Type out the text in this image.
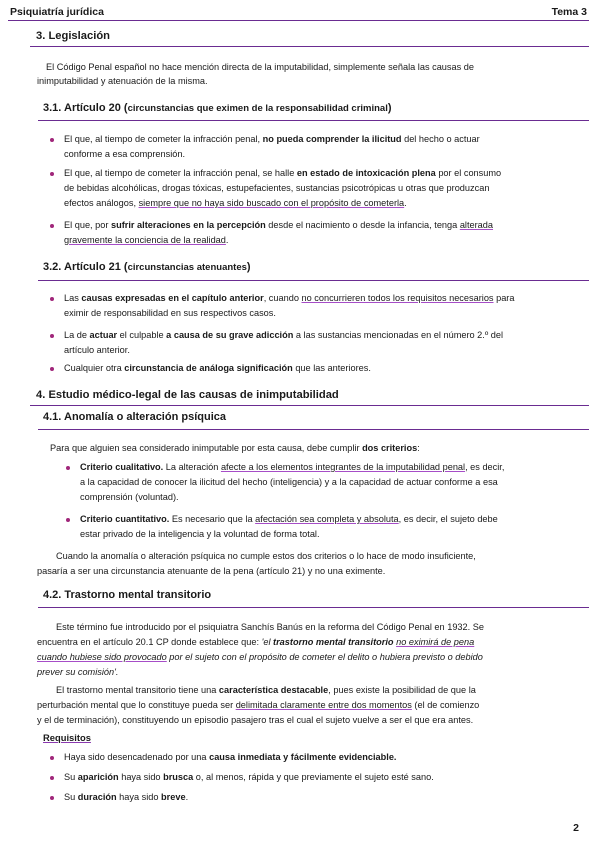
Psiquiatría jurídica	Tema 3
3. Legislación
El Código Penal español no hace mención directa de la imputabilidad, simplemente señala las causas de
inimputabilidad y atenuación de la misma.
3.1. Artículo 20 (circunstancias que eximen de la responsabilidad criminal)
El que, al tiempo de cometer la infracción penal, no pueda comprender la ilicitud del hecho o actuar
conforme a esa comprensión.
El que, al tiempo de cometer la infracción penal, se halle en estado de intoxicación plena por el consumo
de bebidas alcohólicas, drogas tóxicas, estupefacientes, sustancias psicotrópicas u otras que produzcan
efectos análogos, siempre que no haya sido buscado con el propósito de cometerla.
El que, por sufrir alteraciones en la percepción desde el nacimiento o desde la infancia, tenga alterada
gravemente la conciencia de la realidad.
3.2. Artículo 21 (circunstancias atenuantes)
Las causas expresadas en el capítulo anterior, cuando no concurrieren todos los requisitos necesarios para
eximir de responsabilidad en sus respectivos casos.
La de actuar el culpable a causa de su grave adicción a las sustancias mencionadas en el número 2.º del
artículo anterior.
Cualquier otra circunstancia de análoga significación que las anteriores.
4. Estudio médico-legal de las causas de inimputabilidad
4.1. Anomalía o alteración psíquica
Para que alguien sea considerado inimputable por esta causa, debe cumplir dos criterios:
Criterio cualitativo. La alteración afecte a los elementos integrantes de la imputabilidad penal, es decir,
a la capacidad de conocer la ilicitud del hecho (inteligencia) y a la capacidad de actuar conforme a esa
comprensión (voluntad).
Criterio cuantitativo. Es necesario que la afectación sea completa y absoluta, es decir, el sujeto debe
estar privado de la inteligencia y la voluntad de forma total.
Cuando la anomalía o alteración psíquica no cumple estos dos criterios o lo hace de modo insuficiente,
pasaría a ser una circunstancia atenuante de la pena (artículo 21) y no una eximente.
4.2. Trastorno mental transitorio
Este término fue introducido por el psiquiatra Sanchís Banús en la reforma del Código Penal en 1932. Se
encuentra en el artículo 20.1 CP donde establece que: 'el trastorno mental transitorio no eximirá de pena
cuando hubiese sido provocado por el sujeto con el propósito de cometer el delito o hubiera previsto o debido
prever su comisión'.
El trastorno mental transitorio tiene una característica destacable, pues existe la posibilidad de que la
perturbación mental que lo constituye pueda ser delimitada claramente entre dos momentos (el de comienzo
y el de terminación), constituyendo un episodio pasajero tras el cual el sujeto vuelve a ser el que era antes.
Requisitos
Haya sido desencadenado por una causa inmediata y fácilmente evidenciable.
Su aparición haya sido brusca o, al menos, rápida y que previamente el sujeto esté sano.
Su duración haya sido breve.
2
